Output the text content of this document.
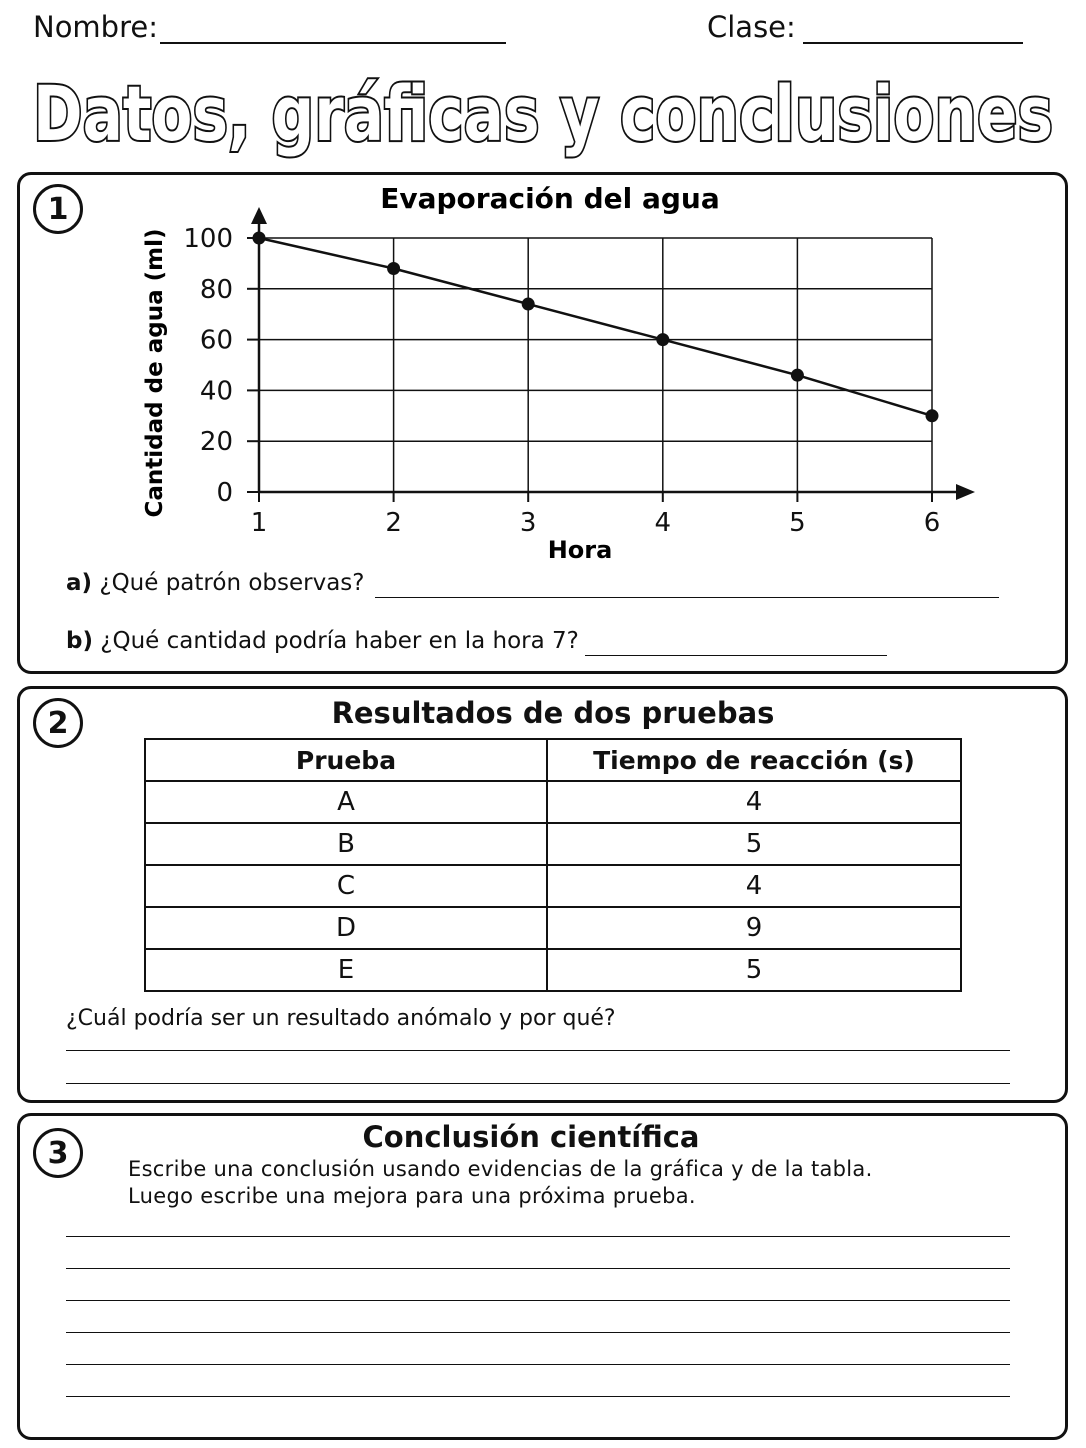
Nombre:	Clase:
Datos, gráficas y conclusiones
1	Evaporación del agua
0
20
40
60
80
100
1	2	3	4	5	6
Hora
Cantidad de agua (ml)
a) ¿Qué patrón observas?
b) ¿Qué cantidad podría haber en la hora 7?
2	Resultados de dos pruebas
Prueba	Tiempo de reacción (s)
A	4
B	5
C	4
D	9
E	5
¿Cuál podría ser un resultado anómalo y por qué?
3	Conclusión científica
Escribe una conclusión usando evidencias de la gráfica y de la tabla.
Luego escribe una mejora para una próxima prueba.
